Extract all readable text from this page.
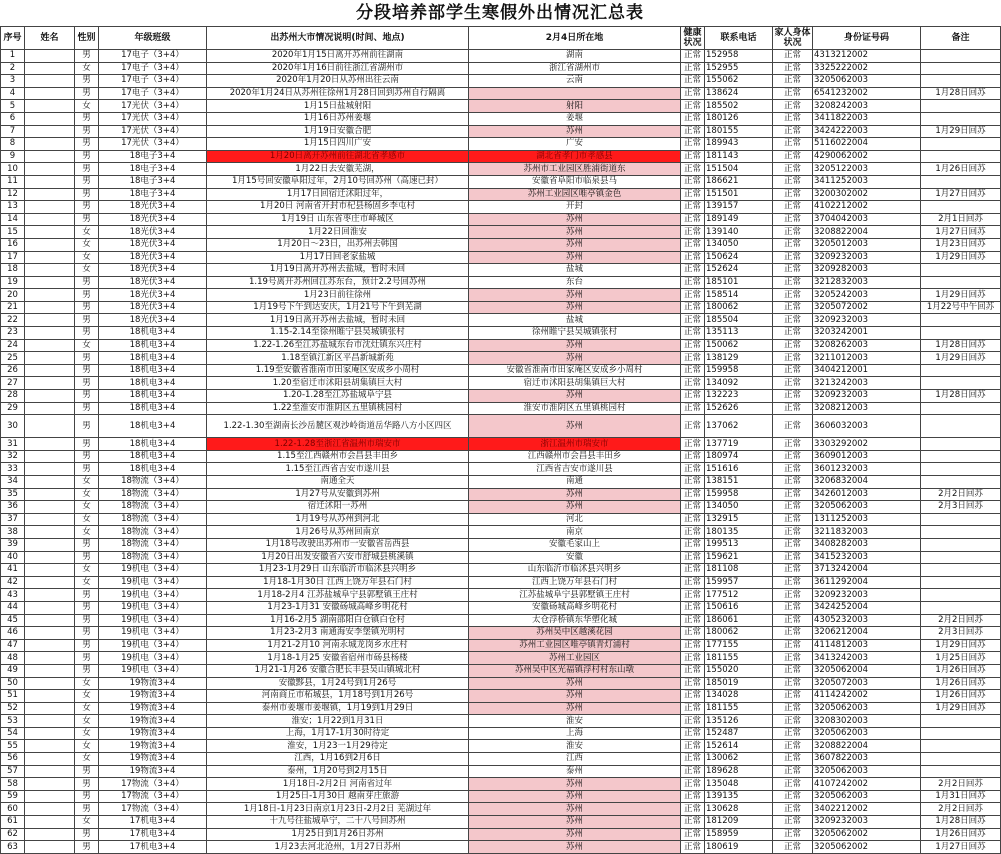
分段培养部学生寒假外出情况汇总表
序号	姓名	性别	年级班级	出苏州大市情况说明(时间、地点)	2月4日所在地	健康状况	联系电话	家人身体状况	身份证号码	备注
1		男	17电子（3+4）	2020年1月15日离开苏州前往湖南	湖南	正常	152958	正常	4313212002	
2		女	17电子（3+4）	2020年1月16日前往浙江省湖州市	浙江省湖州市	正常	152955	正常	3325222002	
3		男	17电子（3+4）	2020年1月20日从苏州出往云南	云南	正常	155062	正常	3205062003	
4		男	17电子（3+4）	2020年1月24日从苏州往徐州1月28日回到苏州自行隔离		正常	138624	正常	6541232002	1月28日回苏
5		女	17光伏（3+4）	1月15日盐城射阳	射阳	正常	185502	正常	3208242003	
6		男	17光伏（3+4）	1月16日苏州姜堰	姜堰	正常	180126	正常	3411822003	
7		男	17光伏（3+4）	1月19日安徽合肥	苏州	正常	180155	正常	3424222003	1月29日回苏
8		男	17光伏（3+4）	1月15日四川广安	广安	正常	189943	正常	5116022004	
9		男	18电子3+4	1月20日离开苏州前往湖北省孝感市	湖北省孝门市孝感县	正常	181143	正常	4290062002	
10		男	18电子3+4	1月22日去安徽芜湖，	苏州市工业园区胜浦街道东	正常	151504	正常	3205122003	1月26日回苏
11		男	18电子3+4	1月15号回安徽阜阳过年，2月10号回苏州（高速已封）	安徽省阜阳市临泉县马	正常	186621	正常	3411252003	
12		男	18电子3+4	1月17日回宿迁沭阳过年，	苏州工业园区唯亭镇金色	正常	151501	正常	3200302002	1月27日回苏
13		男	18光伏3+4	1月20日 河南省开封市杞县杨固乡李屯村	开封	正常	139157	正常	4102212002	
14		男	18光伏3+4	1月19日 山东省枣庄市峄城区	苏州	正常	189149	正常	3704042003	2月1日回苏
15		女	18光伏3+4	1月22日回淮安	苏州	正常	139140	正常	3208822004	1月27日回苏
16		女	18光伏3+4	1月20日～23日，出苏州去韩国	苏州	正常	134050	正常	3205012003	1月23日回苏
17		女	18光伏3+4	1月17日回老家盐城	苏州	正常	150624	正常	3209232003	1月29日回苏
18		女	18光伏3+4	1月19日离开苏州去盐城，暂时未回	盐城	正常	152624	正常	3209282003	
19		男	18光伏3+4	1.19号离开苏州回江苏东台，预计2.2号回苏州	东台	正常	185101	正常	3212832003	
20		男	18光伏3+4	1月23日前往徐州	苏州	正常	158514	正常	3205242003	1月29日回苏
21		男	18光伏3+4	1月19号下午到达安庆，1月21号下午到芜湖	苏州	正常	180062	正常	3205072002	1月22号中午回苏
22		男	18光伏3+4	1月19日离开苏州去盐城，暂时未回	盐城	正常	185504	正常	3209232003	
23		男	18机电3+4	1.15-2.14至徐州睢宁县吴城镇张村	徐州睢宁县吴城镇张村	正常	135113	正常	3203242001	
24		女	18机电3+4	1.22-1.26至江苏盐城东台市沈灶镇东兴庄村	苏州	正常	150062	正常	3208262003	1月28日回苏
25		男	18机电3+4	1.18至镇江新区平昌新城新苑	苏州	正常	138129	正常	3211012003	1月29日回苏
26		男	18机电3+4	1.19至安徽省淮南市田家庵区安成乡小周村	安徽省淮南市田家庵区安成乡小周村	正常	159958	正常	3404212001	
27		男	18机电3+4	1.20至宿迁市沭阳县胡集镇巨大村	宿迁市沭阳县胡集镇巨大村	正常	134092	正常	3213242003	
28		男	18机电3+4	1.20-1.28至江苏盐城阜宁县	苏州	正常	132223	正常	3209232003	1月28日回苏
29		男	18机电3+4	1.22至淮安市淮阴区五里镇桃园村	淮安市淮阴区五里镇桃园村	正常	152626	正常	3208212003	
30		男	18机电3+4	1.22-1.30至湖南长沙岳麓区观沙岭街道岳华路八方小区四区	苏州	正常	137062	正常	3606032003	
31		男	18机电3+4	1.22-1.28至浙江省温州市瑞安市	浙江温州市瑞安市	正常	137719	正常	3303292002	
32		男	18机电3+4	1.15至江西赣州市会昌县丰田乡	江西赣州市会昌县丰田乡	正常	180974	正常	3609012003	
33		男	18机电3+4	1.15至江西省吉安市遂川县	江西省吉安市遂川县	正常	151616	正常	3601232003	
34		女	18物流（3+4）	南通全天	南通	正常	138151	正常	3206832004	
35		女	18物流（3+4）	1月27号从安徽到苏州	苏州	正常	159958	正常	3426012003	2月2日回苏
36		女	18物流（3+4）	宿迁沭阳一苏州	苏州	正常	134050	正常	3205062003	2月3日回苏
37		女	18物流（3+4）	1月19号从苏州到河北	河北	正常	132915	正常	1311252003	
38		女	18物流（3+4）	1月26号从苏州回南京	南京	正常	180135	正常	3211832003	
39		男	18物流（3+4）	1月18号改驶出苏州市一安徽省岳西县	安徽毛家山上	正常	199513	正常	3408282003	
40		男	18物流（3+4）	1月20日出发安徽省六安市舒城县桃溪镇	安徽	正常	159621	正常	3415232003	
41		女	19机电（3+4）	1月23-1月29日 山东临沂市临沭县兴明乡	山东临沂市临沭县兴明乡	正常	181108	正常	3713242004	
42		女	19机电（3+4）	1月18-1月30日 江西上饶万年县石门村	江西上饶万年县石门村	正常	159957	正常	3611292004	
43		男	19机电（3+4）	1月18-2月4 江苏盐城阜宁县郭墅镇王庄村	江苏盐城阜宁县郭墅镇王庄村	正常	177512	正常	3209232003	
44		男	19机电（3+4）	1月23-1月31 安徽砀城高峰乡明花村	安徽砀城高峰乡明花村	正常	150616	正常	3424252004	
45		男	19机电（3+4）	1月16-2月5 湖南邵阳白仓镇白仓村	太仓浮桥镇东华塑化城	正常	186061	正常	4305232003	2月2日回苏
46		男	19机电（3+4）	1月23-2月3 南通海安李堡镇光明村	苏州吴中区越溪花园	正常	180062	正常	3206212004	2月3日回苏
47		男	19机电（3+4）	1月21-2月10 河南永城龙岗乡水庄村	苏州工业园区唯亭镇青灯浦村	正常	177155	正常	4114812003	1月29日回苏
48		男	19机电（3+4）	1月18-1月25 安徽省宿州市砀县杨楼	苏州工业园区	正常	181155	正常	3413242003	1月25日回苏
49		男	19机电（3+4）	1月21-1月26 安徽合肥长丰县吴山镇城北村	苏州吴中区光福镇浮村村东山墩	正常	155020	正常	3205062004	1月26日回苏
50		女	19物流3+4	安徽黟县，1月24号到1月26号	苏州	正常	185019	正常	3205072003	1月26日回苏
51		女	19物流3+4	河南商丘市柘城县，1月18号到1月26号	苏州	正常	134028	正常	4114242002	1月26日回苏
52		女	19物流3+4	泰州市姜堰市姜堰镇，1月19到1月29日	苏州	正常	181155	正常	3205062003	1月29日回苏
53		女	19物流3+4	淮安；1月22到1月31日	淮安	正常	135126	正常	3208302003	
54		女	19物流3+4	上海，1月17-1月30时待定	上海	正常	152487	正常	3205062003	
55		女	19物流3+4	淮安，1月23一1月29待定	淮安	正常	152614	正常	3208822004	
56		女	19物流3+4	江西，1月16到2月6日	江西	正常	130062	正常	3607822003	
57		男	19物流3+4	泰州，1月20号到2月15日	泰州	正常	189628	正常	3205062003	
58		男	17物流（3+4）	1月18日-2月2日 河南省过年	苏州	正常	135048	正常	4107242002	2月2日回苏
59		男	17物流（3+4）	1月25日-1月30日 越南芽庄旅游	苏州	正常	139135	正常	3205062003	1月31日回苏
60		男	17物流（3+4）	1月18日-1月23日南京1月23日-2月2日 芜湖过年	苏州	正常	130628	正常	3402212002	2月2日回苏
61		女	17机电3+4	十九号往盐城阜宁，二十八号回苏州	苏州	正常	181209	正常	3209232003	1月28日回苏
62		男	17机电3+4	1月25日到1月26日苏州	苏州	正常	158959	正常	3205062002	1月26日回苏
63		男	17机电3+4	1月23去河北沧州，1月27日苏州	苏州	正常	180619	正常	3205062002	1月27日回苏
